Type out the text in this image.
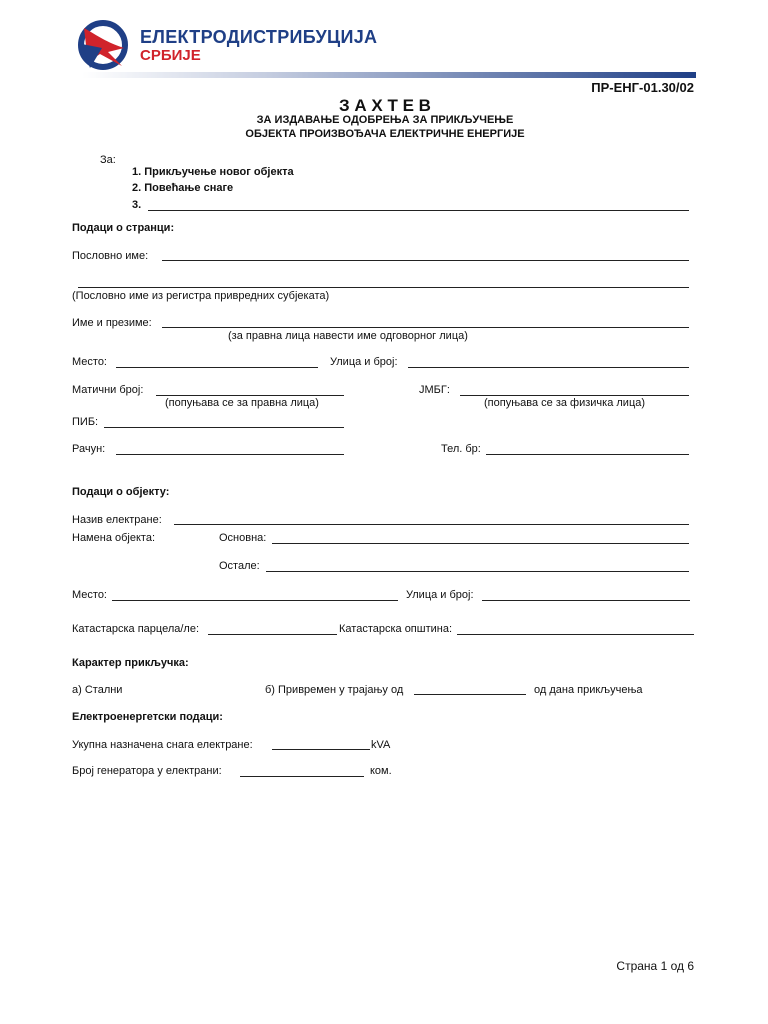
ЕЛЕКТРОДИСТРИБУЦИЈА
СРБИЈЕ
ПР-ЕНГ-01.30/02
З А Х Т Е В
ЗА ИЗДАВАЊЕ ОДОБРЕЊА ЗА ПРИКЉУЧЕЊЕ
ОБЈЕКТА ПРОИЗВОЂАЧА ЕЛЕКТРИЧНЕ ЕНЕРГИЈЕ
За:
1. Прикључење новог објекта
2. Повећање снаге
3.
Подаци о странци:
Пословно име:
(Пословно име из регистра привредних субјеката)
Име и презиме:
(за правна лица навести име одговорног лица)
Место:	Улица и број:
Матични број:
(попуњава се за правна лица)
ЈМБГ:
(попуњава се за физичка лица)
ПИБ:
Рачун:	Тел. бр:
Подаци о објекту:
Назив електране:
Намена објекта:	Основна:
Остале:
Место:	Улица и број:
Катастарска парцела/ле:	Катастарска општина:
Карактер прикључка:
а) Стални	б) Привремен у трајању од	од дана прикључења
Електроенергетски подаци:
Укупна назначена снага електране:	kVA
Број генератора у електрани:	ком.
Страна 1 од 6
